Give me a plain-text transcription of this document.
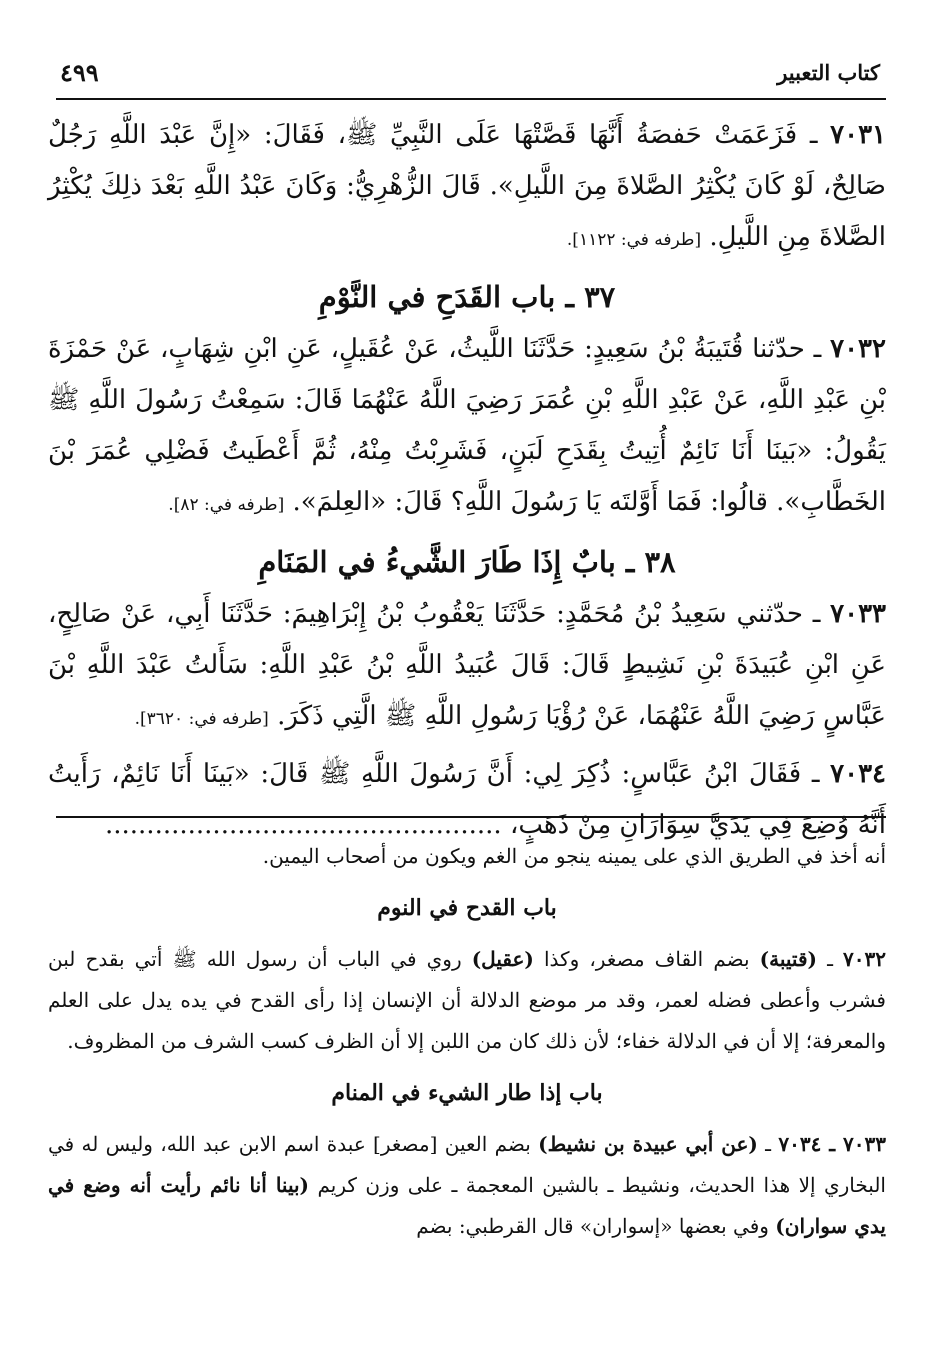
كتاب التعبير
٤٩٩

٧٠٣١ ـ فَزَعَمَتْ حَفصَةُ أَنَّهَا قَصَّتْهَا عَلَى النَّبِيِّ ﷺ، فَقَالَ: «إِنَّ عَبْدَ اللَّهِ رَجُلٌ صَالِحٌ، لَوْ كَانَ يُكْثِرُ الصَّلاةَ مِنَ اللَّيلِ». قَالَ الزُّهْرِيُّ: وَكَانَ عَبْدُ اللَّهِ بَعْدَ ذلِكَ يُكْثِرُ الصَّلاةَ مِنِ اللَّيلِ. [طرفه في: ١١٢٢].

٣٧ ـ باب القَدَحِ في النَّوْمِ

٧٠٣٢ ـ حدّثنا قُتَيبَةُ بْنُ سَعِيدٍ: حَدَّثَنَا اللَّيثُ، عَنْ عُقَيلٍ، عَنِ ابْنِ شِهَابٍ، عَنْ حَمْزَةَ بْنِ عَبْدِ اللَّهِ، عَنْ عَبْدِ اللَّهِ بْنِ عُمَرَ رَضِيَ اللَّهُ عَنْهُمَا قَالَ: سَمِعْتُ رَسُولَ اللَّهِ ﷺ يَقُولُ: «بَينَا أَنَا نَائِمٌ أُتِيتُ بِقَدَحِ لَبَنٍ، فَشَرِبْتُ مِنْهُ، ثُمَّ أَعْطَيتُ فَضْلِي عُمَرَ بْنَ الخَطَّابِ». قالُوا: فَمَا أَوَّلتَه يَا رَسُولَ اللَّهِ؟ قَالَ: «العِلمَ». [طرفه في: ٨٢].

٣٨ ـ بابٌ إِذَا طَارَ الشَّيءُ في المَنَامِ

٧٠٣٣ ـ حدّثني سَعِيدُ بْنُ مُحَمَّدٍ: حَدَّثَنَا يَعْقُوبُ بْنُ إِبْرَاهِيمَ: حَدَّثَنَا أَبِي، عَنْ صَالِحٍ، عَنِ ابْنِ عُبَيدَةَ بْنِ نَشِيطٍ قَالَ: قَالَ عُبَيدُ اللَّهِ بْنُ عَبْدِ اللَّهِ: سَأَلتُ عَبْدَ اللَّهِ بْنَ عَبَّاسٍ رَضِيَ اللَّهُ عَنْهُمَا، عَنْ رُؤْيَا رَسُولِ اللَّهِ ﷺ الَّتِي ذَكَرَ. [طرفه في: ٣٦٢٠].

٧٠٣٤ ـ فَقَالَ ابْنُ عَبَّاسٍ: ذُكِرَ لِي: أَنَّ رَسُولَ اللَّهِ ﷺ قَالَ: «بَينَا أَنَا نَائِمٌ، رَأَيتُ أَنَّهُ وُضِعَ فِي يَدَيَّ سِوَارَانِ مِنْ ذَهَبٍ، ................................................

أنه أخذ في الطريق الذي على يمينه ينجو من الغم ويكون من أصحاب اليمين.

باب القدح في النوم

٧٠٣٢ ـ (قتيبة) بضم القاف مصغر، وكذا (عقيل) روي في الباب أن رسول الله ﷺ أتي بقدح لبن فشرب وأعطى فضله لعمر، وقد مر موضع الدلالة أن الإنسان إذا رأى القدح في يده يدل على العلم والمعرفة؛ إلا أن في الدلالة خفاء؛ لأن ذلك كان من اللبن إلا أن الظرف كسب الشرف من المظروف.

باب إذا طار الشيء في المنام

٧٠٣٣ ـ ٧٠٣٤ ـ (عن أبي عبيدة بن نشيط) بضم العين [مصغر] عبدة اسم الابن عبد الله، وليس له في البخاري إلا هذا الحديث، ونشيط ـ بالشين المعجمة ـ على وزن كريم (بينا أنا نائم رأيت أنه وضع في يدي سواران) وفي بعضها «إسواران» قال القرطبي: بضم
